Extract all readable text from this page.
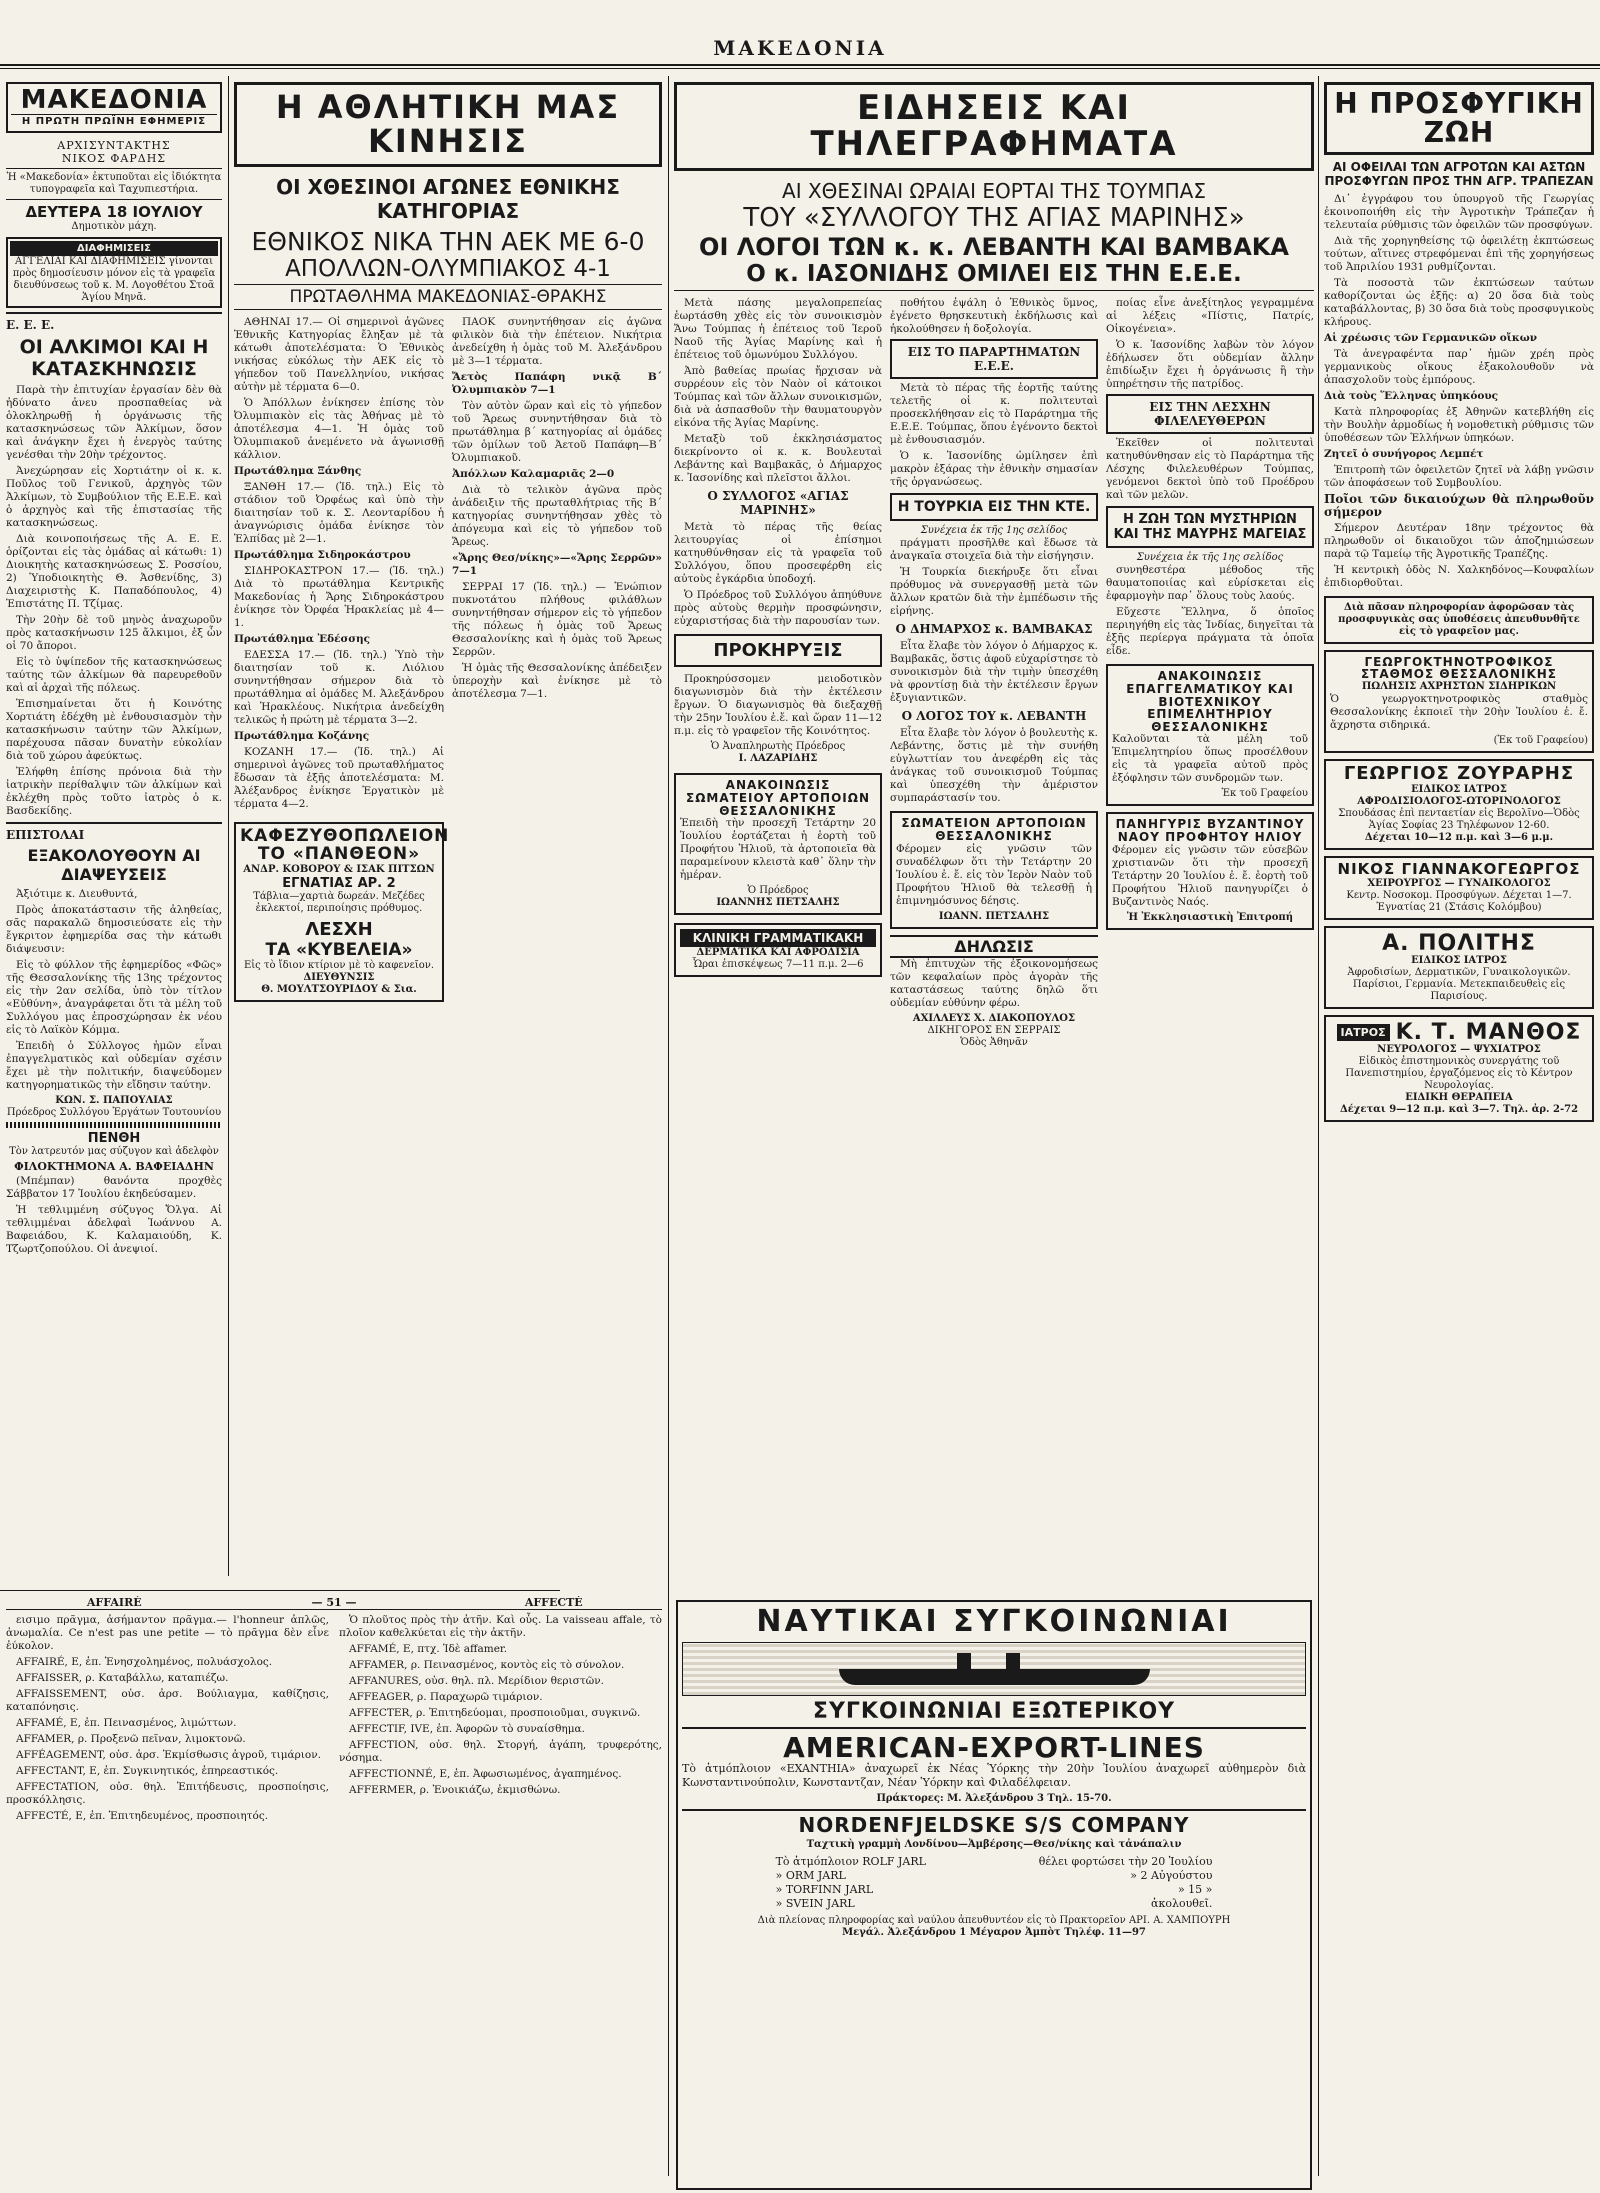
ΜΑΚΕΔΟΝΙΑ
ΜΑΚΕΔΟΝΙΑ
Η ΠΡΩΤΗ ΠΡΩΪΝΗ ΕΦΗΜΕΡΙΣ
ΑΡΧΙΣΥΝΤΑΚΤΗΣ
ΝΙΚΟΣ ΦΑΡΔΗΣ
Ἡ «Μακεδονία» ἐκτυποῦται εἰς ἰδιόκτητα τυπογραφεῖα καὶ Ταχυπιεστήρια.
ΔΕΥΤΕΡΑ 18 ΙΟΥΛΙΟΥ
Δημοτικὸν μάχη.
ΔΙΑΦΗΜΙΣΕΙΣ
ΑΓΓΕΛΙΑΙ ΚΑΙ ΔΙΑΦΗΜΙΣΕΙΣ γίνονται πρὸς δημοσίευσιν μόνον εἰς τὰ γραφεῖα διευθύνσεως τοῦ κ. Μ. Λογοθέτου Στοᾶ Ἁγίου Μηνᾶ.
Ε. Ε. Ε.
ΟΙ ΑΛΚΙΜΟΙ ΚΑΙ Η ΚΑΤΑΣΚΗΝΩΣΙΣ

Παρὰ τὴν ἐπιτυχίαν ἐργασίαν δὲν θὰ ἠδύνατο ἀνευ προσπαθείας νὰ ὁλοκληρωθῇ ἡ ὀργάνωσις τῆς κατασκηνώσεως τῶν Ἀλκίμων, ὅσον καὶ ἀνάγκην ἔχει ἡ ἐνεργὸς ταύτης γενέσθαι τὴν 20ὴν τρέχοντος.

Ἀνεχώρησαν εἰς Χορτιάτην οἱ κ. κ. Ποῦλος τοῦ Γενικοῦ, ἀρχηγὸς τῶν Ἀλκίμων, τὸ Συμβούλιον τῆς Ε.Ε.Ε. καὶ ὁ ἀρχηγὸς καὶ τῆς ἐπιστασίας τῆς κατασκηνώσεως.

Διὰ κοινοποιήσεως τῆς Α. Ε. Ε. ὁρίζονται εἰς τὰς ὁμάδας αἱ κάτωθι: 1) Διοικητὴς κατασκηνώσεως Σ. Ροσσίου, 2) Ὑποδιοικητὴς Θ. Ἀσθενίδης, 3) Διαχειριστὴς Κ. Παπαδόπουλος, 4) Ἐπιστάτης Π. Τζίμας.

Τὴν 20ὴν δὲ τοῦ μηνὸς ἀναχωροῦν πρὸς κατασκήνωσιν 125 ἄλκιμοι, ἐξ ὧν οἱ 70 ἄποροι.

Εἰς τὸ ὑψίπεδον τῆς κατασκηνώσεως ταύτης τῶν ἀλκίμων θὰ παρευρεθοῦν καὶ αἱ ἀρχαὶ τῆς πόλεως.

Ἐπισημαίνεται ὅτι ἡ Κοινότης Χορτιάτη ἐδέχθη μὲ ἐνθουσιασμὸν τὴν κατασκήνωσιν ταύτην τῶν Ἀλκίμων, παρέχουσα πᾶσαν δυνατὴν εὐκολίαν διὰ τοῦ χώρου ἀφεύκτως.

Ἐλήφθη ἐπίσης πρόνοια διὰ τὴν ἰατρικὴν περίθαλψιν τῶν ἀλκίμων καὶ ἐκλέχθη πρὸς τοῦτο ἰατρὸς ὁ κ. Βασδεκίδης.

ΕΠΙΣΤΟΛΑΙ
ΕΞΑΚΟΛΟΥΘΟΥΝ ΑΙ ΔΙΑΨΕΥΣΕΙΣ

Ἀξιότιμε κ. Διευθυντά,

Πρὸς ἀποκατάστασιν τῆς ἀληθείας, σᾶς παρακαλῶ δημοσιεύσατε εἰς τὴν ἔγκριτον ἐφημερίδα σας τὴν κάτωθι διάψευσιν:

Εἰς τὸ φύλλον τῆς ἐφημερίδος «Φῶς» τῆς Θεσσαλονίκης τῆς 13ης τρέχοντος εἰς τὴν 2αν σελίδα, ὑπὸ τὸν τίτλον «Εὐθύνη», ἀναγράφεται ὅτι τὰ μέλη τοῦ Συλλόγου μας ἐπροσχώρησαν ἐκ νέου εἰς τὸ Λαϊκὸν Κόμμα.

Ἐπειδὴ ὁ Σύλλογος ἡμῶν εἶναι ἐπαγγελματικὸς καὶ οὐδεμίαν σχέσιν ἔχει μὲ τὴν πολιτικήν, διαψεύδομεν κατηγορηματικῶς τὴν εἴδησιν ταύτην.

ΚΩΝ. Σ. ΠΑΠΟΥΛΙΑΣ
Πρόεδρος Συλλόγου Ἐργάτων Τουτουνίου
ΠΕΝΘΗ
Τὸν λατρευτόν μας σύζυγον καὶ ἀδελφὸν
ΦΙΛΟΚΤΗΜΟΝΑ Α. ΒΑΦΕΙΑΔΗΝ

(Μπέμπαν) θανόντα προχθὲς Σάββατον 17 Ἰουλίου ἐκηδεύσαμεν.

Ἡ τεθλιμμένη σύζυγος Ὄλγα. Αἱ τεθλιμμέναι ἀδελφαὶ Ἰωάννου Α. Βαφειάδου, Κ. Καλαμαιούδη, Κ. Τζωρτζοπούλου. Οἱ ἀνεψιοί.

Η ΑΘΛΗΤΙΚΗ ΜΑΣ ΚΙΝΗΣΙΣ
ΟΙ ΧΘΕΣΙΝΟΙ ΑΓΩΝΕΣ ΕΘΝΙΚΗΣ ΚΑΤΗΓΟΡΙΑΣ
ΕΘΝΙΚΟΣ ΝΙΚΑ ΤΗΝ ΑΕΚ ΜΕ 6-0
ΑΠΟΛΛΩΝ-ΟΛΥΜΠΙΑΚΟΣ 4-1
ΠΡΩΤΑΘΛΗΜΑ ΜΑΚΕΔΟΝΙΑΣ-ΘΡΑΚΗΣ

ΑΘΗΝΑΙ 17.— Οἱ σημερινοὶ ἀγῶνες Ἐθνικῆς Κατηγορίας ἔληξαν μὲ τὰ κάτωθι ἀποτελέσματα: Ὁ Ἐθνικὸς νικήσας εὐκόλως τὴν ΑΕΚ εἰς τὸ γήπεδον τοῦ Πανελληνίου, νικήσας αὐτὴν μὲ τέρματα 6—0.

Ὁ Ἀπόλλων ἐνίκησεν ἐπίσης τὸν Ὀλυμπιακὸν εἰς τὰς Ἀθήνας μὲ τὸ ἀποτέλεσμα 4—1. Ἡ ὁμὰς τοῦ Ὀλυμπιακοῦ ἀνεμένετο νὰ ἀγωνισθῇ κάλλιον.

Πρωτάθλημα Ξάνθης

ΞΑΝΘΗ 17.— (Ἰδ. τηλ.) Εἰς τὸ στάδιον τοῦ Ὀρφέως καὶ ὑπὸ τὴν διαιτησίαν τοῦ κ. Σ. Λεονταρίδου ἡ ἀναγνώρισις ὁμάδα ἐνίκησε τὸν Ἑλπίδας μὲ 2—1.

Πρωτάθλημα Σιδηροκάστρου

ΣΙΔΗΡΟΚΑΣΤΡΟΝ 17.— (Ἰδ. τηλ.) Διὰ τὸ πρωτάθλημα Κεντρικῆς Μακεδονίας ἡ Ἄρης Σιδηροκάστρου ἐνίκησε τὸν Ὀρφέα Ἡρακλείας μὲ 4—1.

Πρωτάθλημα Ἐδέσσης

ΕΔΕΣΣΑ 17.— (Ἰδ. τηλ.) Ὑπὸ τὴν διαιτησίαν τοῦ κ. Λιόλιου συνηντήθησαν σήμερον διὰ τὸ πρωτάθλημα αἱ ὁμάδες Μ. Ἀλεξάνδρου καὶ Ἡρακλέους. Νικήτρια ἀνεδείχθη τελικῶς ἡ πρώτη μὲ τέρματα 3—2.

Πρωτάθλημα Κοζάνης

ΚΟΖΑΝΗ 17.— (Ἰδ. τηλ.) Αἱ σημερινοὶ ἀγῶνες τοῦ πρωταθλήματος ἔδωσαν τὰ ἑξῆς ἀποτελέσματα: Μ. Ἀλέξανδρος ἐνίκησε Ἐργατικὸν μὲ τέρματα 4—2.

ΠΑΟΚ συνηντήθησαν εἰς ἀγῶνα φιλικὸν διὰ τὴν ἐπέτειον. Νικήτρια ἀνεδείχθη ἡ ὁμὰς τοῦ Μ. Ἀλεξάνδρου μὲ 3—1 τέρματα.

Ἄετὸς Παπάφη νικᾷ Β΄ Ὀλυμπιακὸν 7—1

Τὸν αὐτὸν ὥραν καὶ εἰς τὸ γήπεδον τοῦ Ἄρεως συνηντήθησαν διὰ τὸ πρωτάθλημα β΄ κατηγορίας αἱ ὁμάδες τῶν ὁμίλων τοῦ Ἀετοῦ Παπάφη—Β΄ Ὀλυμπιακοῦ.

Ἀπόλλων Καλαμαριᾶς 2—0

Διὰ τὸ τελικὸν ἀγῶνα πρὸς ἀνάδειξιν τῆς πρωταθλήτριας τῆς Β΄ κατηγορίας συνηντήθησαν χθὲς τὸ ἀπόγευμα καὶ εἰς τὸ γήπεδον τοῦ Ἄρεως.

«Ἄρης Θεσ/νίκης»—«Ἄρης Σερρῶν» 7—1

ΣΕΡΡΑΙ 17 (Ἰδ. τηλ.) — Ἐνώπιον πυκνοτάτου πλήθους φιλάθλων συνηντήθησαν σήμερον εἰς τὸ γήπεδον τῆς πόλεως ἡ ὁμὰς τοῦ Ἄρεως Θεσσαλονίκης καὶ ἡ ὁμὰς τοῦ Ἄρεως Σερρῶν.

Ἡ ὁμὰς τῆς Θεσσαλονίκης ἀπέδειξεν ὑπεροχὴν καὶ ἐνίκησε μὲ τὸ ἀποτέλεσμα 7—1.

ΚΑΦΕΖΥΘΟΠΩΛΕΙΟΝ ΤΟ «ΠΑΝΘΕΟΝ»
ΑΝΔΡ. ΚΟΒΟΡΟΥ & ΙΣΑΚ ΠΙΤΣΩΝ
ΕΓΝΑΤΙΑΣ ΑΡ. 2
Τάβλια—χαρτιὰ δωρεάν. Μεζέδες ἐκλεκτοί, περιποίησις πρόθυμος.
ΛΕΣΧΗ
ΤΑ «ΚΥΒΕΛΕΙΑ»
Εἰς τὸ ἴδιον κτίριον μὲ τὸ καφενεῖον.
ΔΙΕΥΘΥΝΣΙΣ
Θ. ΜΟΥΛΤΣΟΥΡΙΔΟΥ & Σια.
ΕΙΔΗΣΕΙΣ ΚΑΙ ΤΗΛΕΓΡΑΦΗΜΑΤΑ
ΑΙ ΧΘΕΣΙΝΑΙ ΩΡΑΙΑΙ ΕΟΡΤΑΙ ΤΗΣ ΤΟΥΜΠΑΣ
ΤΟΥ «ΣΥΛΛΟΓΟΥ ΤΗΣ ΑΓΙΑΣ ΜΑΡΙΝΗΣ»
ΟΙ ΛΟΓΟΙ ΤΩΝ κ. κ. ΛΕΒΑΝΤΗ ΚΑΙ ΒΑΜΒΑΚΑ
Ο κ. ΙΑΣΟΝΙΔΗΣ ΟΜΙΛΕΙ ΕΙΣ ΤΗΝ Ε.Ε.Ε.

Μετὰ πάσης μεγαλοπρεπείας ἑωρτάσθη χθὲς εἰς τὸν συνοικισμὸν Ἄνω Τούμπας ἡ ἐπέτειος τοῦ Ἱεροῦ Ναοῦ τῆς Ἁγίας Μαρίνης καὶ ἡ ἐπέτειος τοῦ ὁμωνύμου Συλλόγου.

Ἀπὸ βαθείας πρωίας ἤρχισαν νὰ συρρέουν εἰς τὸν Ναὸν οἱ κάτοικοι Τούμπας καὶ τῶν ἄλλων συνοικισμῶν, διὰ νὰ ἀσπασθοῦν τὴν θαυματουργὸν εἰκόνα τῆς Ἁγίας Μαρίνης.

Μεταξὺ τοῦ ἐκκλησιάσματος διεκρίνοντο οἱ κ. κ. Βουλευταὶ Λεβάντης καὶ Βαμβακᾶς, ὁ Δήμαρχος κ. Ἰασονίδης καὶ πλεῖστοι ἄλλοι.

Ο ΣΥΛΛΟΓΟΣ «ΑΓΙΑΣ ΜΑΡΙΝΗΣ»

Μετὰ τὸ πέρας τῆς θείας λειτουργίας οἱ ἐπίσημοι κατηυθύνθησαν εἰς τὰ γραφεῖα τοῦ Συλλόγου, ὅπου προσεφέρθη εἰς αὐτοὺς ἐγκάρδια ὑποδοχή.

Ὁ Πρόεδρος τοῦ Συλλόγου ἀπηύθυνε πρὸς αὐτοὺς θερμὴν προσφώνησιν, εὐχαριστήσας διὰ τὴν παρουσίαν των.

ΠΡΟΚΗΡΥΞΙΣ

Προκηρύσσομεν μειοδοτικὸν διαγωνισμὸν διὰ τὴν ἐκτέλεσιν ἔργων. Ὁ διαγωνισμὸς θὰ διεξαχθῇ τὴν 25ην Ἰουλίου ἐ.ἔ. καὶ ὥραν 11—12 π.μ. εἰς τὸ γραφεῖον τῆς Κοινότητος.

Ὁ Ἀναπληρωτὴς Πρόεδρος
Ι. ΛΑΖΑΡΙΔΗΣ
ΑΝΑΚΟΙΝΩΣΙΣ ΣΩΜΑΤΕΙΟΥ ΑΡΤΟΠΟΙΩΝ ΘΕΣΣΑΛΟΝΙΚΗΣ

Ἐπειδὴ τὴν προσεχῆ Τετάρτην 20 Ἰουλίου ἑορτάζεται ἡ ἑορτὴ τοῦ Προφήτου Ἠλιοῦ, τὰ ἀρτοποιεῖα θὰ παραμείνουν κλειστὰ καθ᾽ ὅλην τὴν ἡμέραν.

Ὁ Πρόεδρος
ΙΩΑΝΝΗΣ ΠΕΤΣΑΛΗΣ
ΚΛΙΝΙΚΗ ΓΡΑΜΜΑΤΙΚΑΚΗ
ΔΕΡΜΑΤΙΚΑ ΚΑΙ ΑΦΡΟΔΙΣΙΑ
Ὧραι ἐπισκέψεως 7—11 π.μ. 2—6

ποθήτου ἐψάλη ὁ Ἐθνικὸς ὕμνος, ἐγένετο θρησκευτικὴ ἐκδήλωσις καὶ ἠκολούθησεν ἡ δοξολογία.

ΕΙΣ ΤΟ ΠΑΡΑΡΤΗΜΑΤΩΝ Ε.Ε.Ε.

Μετὰ τὸ πέρας τῆς ἑορτῆς ταύτης τελετῆς οἱ κ. πολιτευταὶ προσεκλήθησαν εἰς τὸ Παράρτημα τῆς Ε.Ε.Ε. Τούμπας, ὅπου ἐγένοντο δεκτοὶ μὲ ἐνθουσιασμόν.

Ὁ κ. Ἰασονίδης ὡμίλησεν ἐπὶ μακρὸν ἐξάρας τὴν ἐθνικὴν σημασίαν τῆς ὀργανώσεως.

Η ΤΟΥΡΚΙΑ ΕΙΣ ΤΗΝ ΚΤΕ.
Συνέχεια ἐκ τῆς 1ης σελίδος

πράγματι προσῆλθε καὶ ἔδωσε τὰ ἀναγκαῖα στοιχεῖα διὰ τὴν εἰσήγησιν.

Ἡ Τουρκία διεκήρυξε ὅτι εἶναι πρόθυμος νὰ συνεργασθῇ μετὰ τῶν ἄλλων κρατῶν διὰ τὴν ἐμπέδωσιν τῆς εἰρήνης.

Ο ΔΗΜΑΡΧΟΣ κ. ΒΑΜΒΑΚΑΣ

Εἶτα ἔλαβε τὸν λόγον ὁ Δήμαρχος κ. Βαμβακᾶς, ὅστις ἀφοῦ εὐχαρίστησε τὸ συνοικισμὸν διὰ τὴν τιμὴν ὑπεσχέθη νὰ φροντίσῃ διὰ τὴν ἐκτέλεσιν ἔργων ἐξυγιαντικῶν.

Ο ΛΟΓΟΣ ΤΟΥ κ. ΛΕΒΑΝΤΗ

Εἶτα ἔλαβε τὸν λόγον ὁ βουλευτὴς κ. Λεβάντης, ὅστις μὲ τὴν συνήθη εὐγλωττίαν του ἀνεφέρθη εἰς τὰς ἀνάγκας τοῦ συνοικισμοῦ Τούμπας καὶ ὑπεσχέθη τὴν ἀμέριστον συμπαράστασίν του.

ΣΩΜΑΤΕΙΟΝ ΑΡΤΟΠΟΙΩΝ ΘΕΣΣΑΛΟΝΙΚΗΣ

Φέρομεν εἰς γνῶσιν τῶν συναδέλφων ὅτι τὴν Τετάρτην 20 Ἰουλίου ἐ. ἔ. εἰς τὸν Ἱερὸν Ναὸν τοῦ Προφήτου Ἠλιοῦ θὰ τελεσθῇ ἡ ἐπιμνημόσυνος δέησις.

ΙΩΑΝΝ. ΠΕΤΣΑΛΗΣ
ΔΗΛΩΣΙΣ

Μὴ ἐπιτυχὼν τῆς ἐξοικονομήσεως τῶν κεφαλαίων πρὸς ἀγορὰν τῆς καταστάσεως ταύτης δηλῶ ὅτι οὐδεμίαν εὐθύνην φέρω.

ΑΧΙΛΛΕΥΣ Χ. ΔΙΑΚΟΠΟΥΛΟΣ
ΔΙΚΗΓΟΡΟΣ ΕΝ ΣΕΡΡΑΙΣ
Ὁδὸς Ἀθηνᾶν

ποίας εἶνε ἀνεξίτηλος γεγραμμένα αἱ λέξεις «Πίστις, Πατρίς, Οἰκογένεια».

Ὁ κ. Ἰασονίδης λαβὼν τὸν λόγον ἐδήλωσεν ὅτι οὐδεμίαν ἄλλην ἐπιδίωξιν ἔχει ἡ ὀργάνωσις ἢ τὴν ὑπηρέτησιν τῆς πατρίδος.

ΕΙΣ ΤΗΝ ΛΕΣΧΗΝ ΦΙΛΕΛΕΥΘΕΡΩΝ

Ἐκεῖθεν οἱ πολιτευταὶ κατηυθύνθησαν εἰς τὸ Παράρτημα τῆς Λέσχης Φιλελευθέρων Τούμπας, γενόμενοι δεκτοὶ ὑπὸ τοῦ Προέδρου καὶ τῶν μελῶν.

Η ΖΩΗ ΤΩΝ ΜΥΣΤΗΡΙΩΝ ΚΑΙ ΤΗΣ ΜΑΥΡΗΣ ΜΑΓΕΙΑΣ
Συνέχεια ἐκ τῆς 1ης σελίδος

συνηθεστέρα μέθοδος τῆς θαυματοποιίας καὶ εὑρίσκεται εἰς ἐφαρμογὴν παρ᾽ ὅλους τοὺς λαούς.

Εὔχεστε Ἕλληνα, ὅ ὁποῖος περιηγήθη εἰς τὰς Ἰνδίας, διηγεῖται τὰ ἑξῆς περίεργα πράγματα τὰ ὁποῖα εἶδε.

ΑΝΑΚΟΙΝΩΣΙΣ ΕΠΑΓΓΕΛΜΑΤΙΚΟΥ ΚΑΙ ΒΙΟΤΕΧΝΙΚΟΥ ΕΠΙΜΕΛΗΤΗΡΙΟΥ ΘΕΣΣΑΛΟΝΙΚΗΣ

Καλοῦνται τὰ μέλη τοῦ Ἐπιμελητηρίου ὅπως προσέλθουν εἰς τὰ γραφεῖα αὐτοῦ πρὸς ἐξόφλησιν τῶν συνδρομῶν των.

Ἐκ τοῦ Γραφείου
ΠΑΝΗΓΥΡΙΣ ΒΥΖΑΝΤΙΝΟΥ ΝΑΟΥ ΠΡΟΦΗΤΟΥ ΗΛΙΟΥ

Φέρομεν εἰς γνῶσιν τῶν εὐσεβῶν χριστιανῶν ὅτι τὴν προσεχῆ Τετάρτην 20 Ἰουλίου ἐ. ἔ. ἑορτὴ τοῦ Προφήτου Ἠλιοῦ πανηγυρίζει ὁ Βυζαντινὸς Ναός.

Ἡ Ἐκκλησιαστικὴ Ἐπιτροπή
ΝΑΥΤΙΚΑΙ ΣΥΓΚΟΙΝΩΝΙΑΙ
ΣΥΓΚΟΙΝΩΝΙΑΙ ΕΞΩΤΕΡΙΚΟΥ
AMERICAN-EXPORT-LINES

Τὸ ἀτμόπλοιον «EXANTHIA» ἀναχωρεῖ ἐκ Νέας Ὑόρκης τὴν 20ὴν Ἰουλίου ἀναχωρεῖ αὐθημερὸν διὰ Κωνσταντινούπολιν, Κωνσταντζαν, Νέαν Ὑόρκην καὶ Φιλαδέλφειαν.

Πράκτορες: Μ. Ἀλεξάνδρου 3 Τηλ. 15-70.
NORDENFJELDSKE S/S COMPANY
Ταχτικὴ γραμμὴ Λονδίνου—Ἀμβέρσης—Θεσ/νίκης καὶ τἀνάπαλιν
Τὸ ἀτμόπλοιον ROLF JARL	θέλει φορτώσει τὴν 20 Ἰουλίου
» ORM JARL	» 2 Αὐγούστου
» TORFINN JARL	» 15 »
» SVEIN JARL	ἀκολουθεῖ.
Διὰ πλείονας πληροφορίας καὶ ναύλου ἀπευθυντέον εἰς τὸ Πρακτορεῖον ΑΡΙ. Α. ΧΑΜΠΟΥΡΗ
Μεγάλ. Ἀλεξάνδρου 1 Μέγαρον Ἀμπὸτ Τηλέφ. 11—97
Η ΠΡΟΣΦΥΓΙΚΗ ΖΩΗ
ΑΙ ΟΦΕΙΛΑΙ ΤΩΝ ΑΓΡΟΤΩΝ ΚΑΙ ΑΣΤΩΝ ΠΡΟΣΦΥΓΩΝ ΠΡΟΣ ΤΗΝ ΑΓΡ. ΤΡΑΠΕΖΑΝ

Δι᾽ ἐγγράφου του ὑπουργοῦ τῆς Γεωργίας ἐκοινοποιήθη εἰς τὴν Ἀγροτικὴν Τράπεζαν ἡ τελευταία ρύθμισις τῶν ὀφειλῶν τῶν προσφύγων.

Διὰ τῆς χορηγηθείσης τῷ ὀφειλέτῃ ἐκπτώσεως τούτων, αἵτινες στρεφόμεναι ἐπὶ τῆς χορηγήσεως τοῦ Ἀπριλίου 1931 ρυθμίζονται.

Τὰ ποσοστὰ τῶν ἐκπτώσεων ταύτων καθορίζονται ὡς ἑξῆς: α) 20 ὅσα διὰ τοὺς καταβάλλοντας, β) 30 ὅσα διὰ τοὺς προσφυγικοὺς κλήρους.

Αἱ χρέωσις τῶν Γερμανικῶν οἴκων

Τὰ ἀνεγραφέντα παρ᾽ ἡμῶν χρέη πρὸς γερμανικοὺς οἴκους ἐξακολουθοῦν νὰ ἀπασχολοῦν τοὺς ἐμπόρους.

Διὰ τοὺς Ἕλληνας ὑπηκόους

Κατὰ πληροφορίας ἐξ Ἀθηνῶν κατεβλήθη εἰς τὴν Βουλὴν ἀρμοδίως ἡ νομοθετικὴ ρύθμισις τῶν ὑποθέσεων τῶν Ἑλλήνων ὑπηκόων.

Ζητεῖ ὁ συνήγορος Λεμπέτ

Ἐπιτροπὴ τῶν ὀφειλετῶν ζητεῖ νὰ λάβῃ γνῶσιν τῶν ἀποφάσεων τοῦ Συμβουλίου.

Ποῖοι τῶν δικαιούχων θὰ πληρωθοῦν σήμερον

Σήμερον Δευτέραν 18ην τρέχοντος θὰ πληρωθοῦν οἱ δικαιοῦχοι τῶν ἀποζημιώσεων παρὰ τῷ Ταμείῳ τῆς Ἀγροτικῆς Τραπέζης.

Ἡ κεντρικὴ ὁδὸς Ν. Χαλκηδόνος—Κουφαλίων ἐπιδιορθοῦται.

Διὰ πᾶσαν πληροφορίαν ἀφορῶσαν τὰς προσφυγικὰς σας ὑποθέσεις ἀπευθυνθῆτε εἰς τὸ γραφεῖον μας.
ΓΕΩΡΓΟΚΤΗΝΟΤΡΟΦΙΚΟΣ ΣΤΑΘΜΟΣ ΘΕΣΣΑΛΟΝΙΚΗΣ
ΠΩΛΗΣΙΣ ΑΧΡΗΣΤΩΝ ΣΙΔΗΡΙΚΩΝ

Ὁ γεωργοκτηνοτροφικὸς σταθμὸς Θεσσαλονίκης ἐκποιεῖ τὴν 20ὴν Ἰουλίου ἐ. ἔ. ἄχρηστα σιδηρικά.

(Ἐκ τοῦ Γραφείου)
ΓΕΩΡΓΙΟΣ ΖΟΥΡΑΡΗΣ
ΕΙΔΙΚΟΣ ΙΑΤΡΟΣ
ΑΦΡΟΔΙΣΙΟΛΟΓΟΣ-ΩΤΟΡΙΝΟΛΟΓΟΣ
Σπουδάσας ἐπὶ πενταετίαν εἰς Βερολῖνο—Ὁδὸς Ἁγίας Σοφίας 23 Τηλέφωνον 12-60.
Δέχεται 10—12 π.μ. καὶ 3—6 μ.μ.
ΝΙΚΟΣ ΓΙΑΝΝΑΚΟΓΕΩΡΓΟΣ
ΧΕΙΡΟΥΡΓΟΣ — ΓΥΝΑΙΚΟΛΟΓΟΣ
Κεντρ. Νοσοκομ. Προσφύγων. Δέχεται 1—7. Ἐγνατίας 21 (Στάσις Κολόμβου)
Α. ΠΟΛΙΤΗΣ
ΕΙΔΙΚΟΣ ΙΑΤΡΟΣ
Ἀφροδισίων, Δερματικῶν, Γυναικολογικῶν. Παρίσιοι, Γερμανία. Μετεκπαιδευθεὶς εἰς Παρισίους.
ΙΑΤΡΟΣ Κ. Τ. ΜΑΝΘΟΣ
ΝΕΥΡΟΛΟΓΟΣ — ΨΥΧΙΑΤΡΟΣ
Εἰδικὸς ἐπιστημονικὸς συνεργάτης τοῦ Πανεπιστημίου, ἐργαζόμενος εἰς τὸ Κέντρον Νευρολογίας.
ΕΙΔΙΚΗ ΘΕΡΑΠΕΙΑ
Δέχεται 9—12 π.μ. καὶ 3—7. Τηλ. ἀρ. 2-72
AFFAIRÉ	— 51 —	AFFECTÉ

εισιμο πρᾶγμα, ἀσήμαντον πρᾶγμα.— l'honneur ἀπλῶς, ἀνωμαλία. Ce n'est pas une petite — τὸ πρᾶγμα δὲν εἶνε ἐύκολον.

AFFAIRÉ, E, ἐπ. Ἐνησχολημένος, πολυάσχολος.

AFFAISSER, ρ. Καταβάλλω, καταπιέζω.

AFFAISSEMENT, οὐσ. ἀρσ. Βούλιαγμα, καθίζησις, καταπόνησις.

AFFAMÉ, E, ἐπ. Πεινασμένος, λιμώττων.

AFFAMER, ρ. Προξενῶ πεῖναν, λιμοκτονῶ.

AFFÉAGEMENT, οὐσ. ἀρσ. Ἐκμίσθωσις ἀγροῦ, τιμάριον.

AFFECTANT, E, ἐπ. Συγκινητικός, ἐπηρεαστικός.

AFFECTATION, οὐσ. θηλ. Ἐπιτήδευσις, προσποίησις, προσκόλλησις.

AFFECTÉ, E, ἐπ. Ἐπιτηδευμένος, προσποιητός.

Ὁ πλοῦτος πρὸς τὴν ἀτῆν. Καὶ οὗς. La vaisseau affale, τὸ πλοῖον καθελκύεται εἰς τὴν ἀκτῆν.

AFFAMÉ, E, πτχ. Ἰδὲ affamer.

AFFAMER, ρ. Πεινασμένος, κοντὸς εἰς τὸ σύνολον.

AFFANURES, οὐσ. θηλ. πλ. Μερίδιον θεριστῶν.

AFFEAGER, ρ. Παραχωρῶ τιμάριον.

AFFECTER, ρ. Ἐπιτηδεύομαι, προσποιοῦμαι, συγκινῶ.

AFFECTIF, IVE, ἐπ. Ἀφορῶν τὸ συναίσθημα.

AFFECTION, οὐσ. θηλ. Στοργή, ἀγάπη, τρυφερότης, νόσημα.

AFFECTIONNÉ, E, ἐπ. Ἀφωσιωμένος, ἀγαπημένος.

AFFERMER, ρ. Ἐνοικιάζω, ἐκμισθώνω.
